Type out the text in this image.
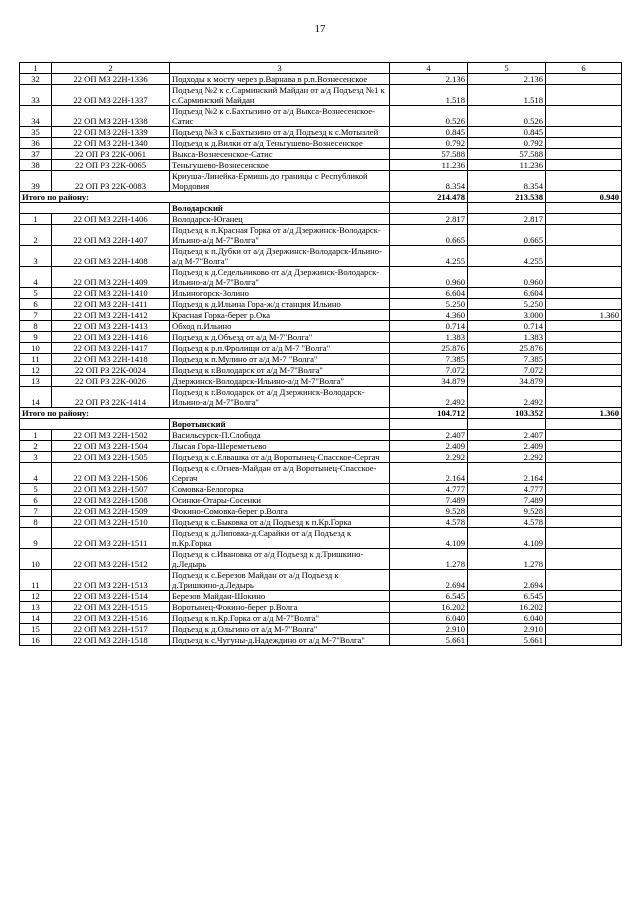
17
1	2	3	4	5	6
32	22 ОП МЗ 22Н-1336	Подходы к мосту через р.Варнава в р.п.Вознесенское	2.136	2.136	
33	22 ОП МЗ 22Н-1337	Подъезд №2 к с.Сарминский Майдан от а/д Подъезд №1 к с.Сарминский Майдан	1.518	1.518	
34	22 ОП МЗ 22Н-1338	Подъезд №2 к с.Бахтызино от а/д Выкса-Вознесенское-Сатис	0.526	0.526	
35	22 ОП МЗ 22Н-1339	Подъезд №3 к с.Бахтызино от а/д Подъезд к с.Мотызлей	0.845	0.845	
36	22 ОП МЗ 22Н-1340	Подъезд к д.Вилки от а/д Теньгушево-Вознесенское	0.792	0.792	
37	22 ОП РЗ 22К-0061	Выкса-Вознесенское-Сатис	57.588	57.588	
38	22 ОП РЗ 22К-0065	Теньгушево-Вознесенское	11.236	11.236	
39	22 ОП РЗ 22К-0083	Криуша-Линейка-Ермишь до границы с Республикой Мордовия	8.354	8.354	
Итого по району:			214.478	213.538	0.940
		Володарский			
1	22 ОП МЗ 22Н-1406	Володарск-Юганец	2.817	2.817	
2	22 ОП МЗ 22Н-1407	Подъезд к п.Красная Горка от а/д Дзержинск-Володарск-Ильино-а/д М-7"Волга"	0.665	0.665	
3	22 ОП МЗ 22Н-1408	Подъезд к п.Дубки от а/д Дзержинск-Володарск-Ильино-а/д М-7"Волга"	4.255	4.255	
4	22 ОП МЗ 22Н-1409	Подъезд к д.Седельниково от а/д Дзержинск-Володарск-Ильино-а/д М-7"Волга"	0.960	0.960	
5	22 ОП МЗ 22Н-1410	Ильиногорск-Золино	6.604	6.604	
6	22 ОП МЗ 22Н-1411	Подъезд к д.Ильина Гора-ж/д станция Ильино	5.250	5.250	
7	22 ОП МЗ 22Н-1412	Красная Горка-берег р.Ока	4.360	3.000	1.360
8	22 ОП МЗ 22Н-1413	Обход п.Ильино	0.714	0.714	
9	22 ОП МЗ 22Н-1416	Подъезд к д.Объезд от а/д М-7"Волга"	1.383	1.383	
10	22 ОП МЗ 22Н-1417	Подъезд к р.п.Фролищи от а/д М-7 "Волга"	25.876	25.876	
11	22 ОП МЗ 22Н-1418	Подъезд к п.Мулино от а/д М-7 "Волга"	7.385	7.385	
12	22 ОП РЗ 22К-0024	Подъезд к г.Володарск от а/д М-7"Волга"	7.072	7.072	
13	22 ОП РЗ 22К-0026	Дзержинск-Володарск-Ильино-а/д М-7"Волга"	34.879	34.879	
14	22 ОП РЗ 22К-1414	Подъезд к г.Володарск от а/д Дзержинск-Володарск-Ильино-а/д М-7"Волга"	2.492	2.492	
Итого по району:			104.712	103.352	1.360
		Воротынский			
1	22 ОП МЗ 22Н-1502	Васильсурск-П.Слобода	2.407	2.407	
2	22 ОП МЗ 22Н-1504	Лысая Гора-Шереметьево	2.409	2.409	
3	22 ОП МЗ 22Н-1505	Подъезд к с.Елвашка от а/д Воротынец-Спасское-Сергач	2.292	2.292	
4	22 ОП МЗ 22Н-1506	Подъезд к с.Огнев-Майдан от а/д Воротынец-Спасское-Сергач	2.164	2.164	
5	22 ОП МЗ 22Н-1507	Сомовка-Белогорка	4.777	4.777	
6	22 ОП МЗ 22Н-1508	Осинки-Отары-Сосенки	7.489	7.489	
7	22 ОП МЗ 22Н-1509	Фокино-Сомовка-берег р.Волга	9.528	9.528	
8	22 ОП МЗ 22Н-1510	Подъезд к с.Быковка от а/д Подъезд к п.Кр.Горка	4.578	4.578	
9	22 ОП МЗ 22Н-1511	Подъезд к д.Липовка-д.Сарайки от а/д Подъезд к п.Кр.Горка	4.109	4.109	
10	22 ОП МЗ 22Н-1512	Подъезд к с.Ивановка от а/д Подъезд к д.Тришкино-д.Ледырь	1.278	1.278	
11	22 ОП МЗ 22Н-1513	Подъезд к с.Березов Майдан от а/д Подъезд к д.Тришкино-д.Ледырь	2.694	2.694	
12	22 ОП МЗ 22Н-1514	Березов Майдан-Шокино	6.545	6.545	
13	22 ОП МЗ 22Н-1515	Воротынец-Фокино-берег р.Волга	16.202	16.202	
14	22 ОП МЗ 22Н-1516	Подъезд к п.Кр.Горка от а/д М-7"Волга"	6.040	6.040	
15	22 ОП МЗ 22Н-1517	Подъезд к д.Ольгино от а/д М-7"Волга"	2.910	2.910	
16	22 ОП МЗ 22Н-1518	Подъезд к с.Чугуны-д.Надеждино от а/д М-7"Волга"	5.661	5.661	
